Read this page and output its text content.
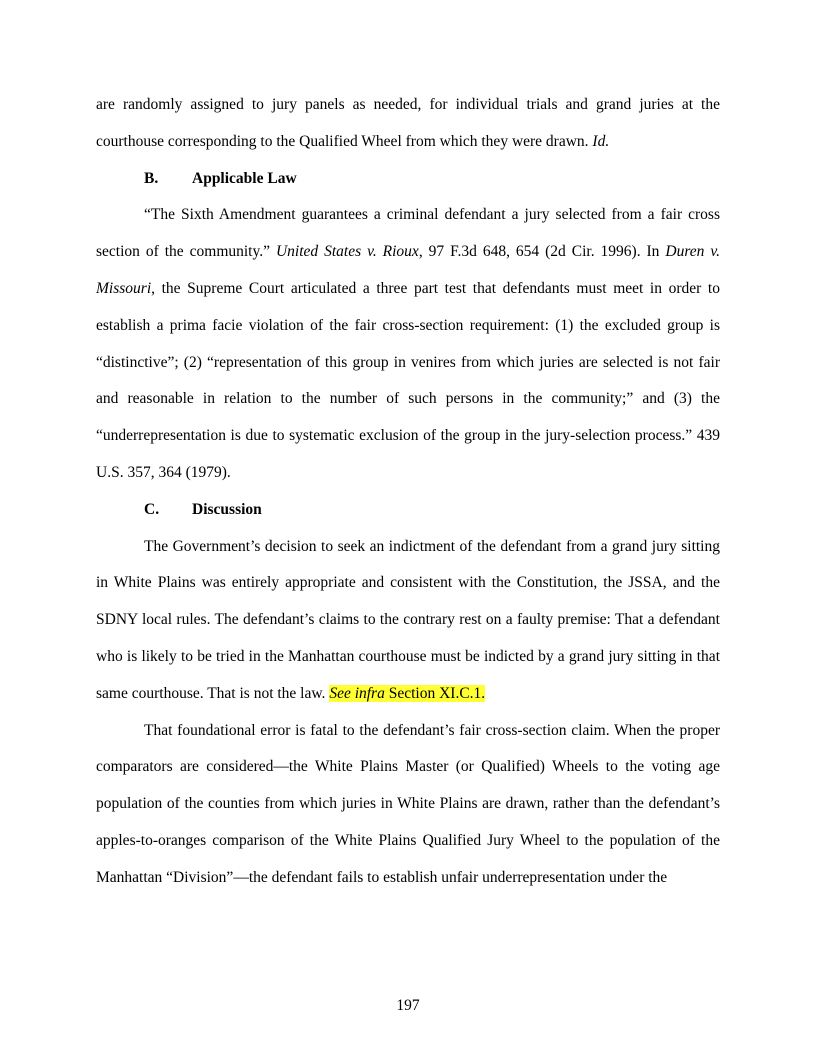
are randomly assigned to jury panels as needed, for individual trials and grand juries at the courthouse corresponding to the Qualified Wheel from which they were drawn. Id.

B. Applicable Law

“The Sixth Amendment guarantees a criminal defendant a jury selected from a fair cross section of the community.” United States v. Rioux, 97 F.3d 648, 654 (2d Cir. 1996). In Duren v. Missouri, the Supreme Court articulated a three part test that defendants must meet in order to establish a prima facie violation of the fair cross-section requirement: (1) the excluded group is “distinctive”; (2) “representation of this group in venires from which juries are selected is not fair and reasonable in relation to the number of such persons in the community;” and (3) the “underrepresentation is due to systematic exclusion of the group in the jury-selection process.” 439 U.S. 357, 364 (1979).

C. Discussion

The Government’s decision to seek an indictment of the defendant from a grand jury sitting in White Plains was entirely appropriate and consistent with the Constitution, the JSSA, and the SDNY local rules. The defendant’s claims to the contrary rest on a faulty premise: That a defendant who is likely to be tried in the Manhattan courthouse must be indicted by a grand jury sitting in that same courthouse. That is not the law. See infra Section XI.C.1.

That foundational error is fatal to the defendant’s fair cross-section claim. When the proper comparators are considered—the White Plains Master (or Qualified) Wheels to the voting age population of the counties from which juries in White Plains are drawn, rather than the defendant’s apples-to-oranges comparison of the White Plains Qualified Jury Wheel to the population of the Manhattan “Division”—the defendant fails to establish unfair underrepresentation under the

197
